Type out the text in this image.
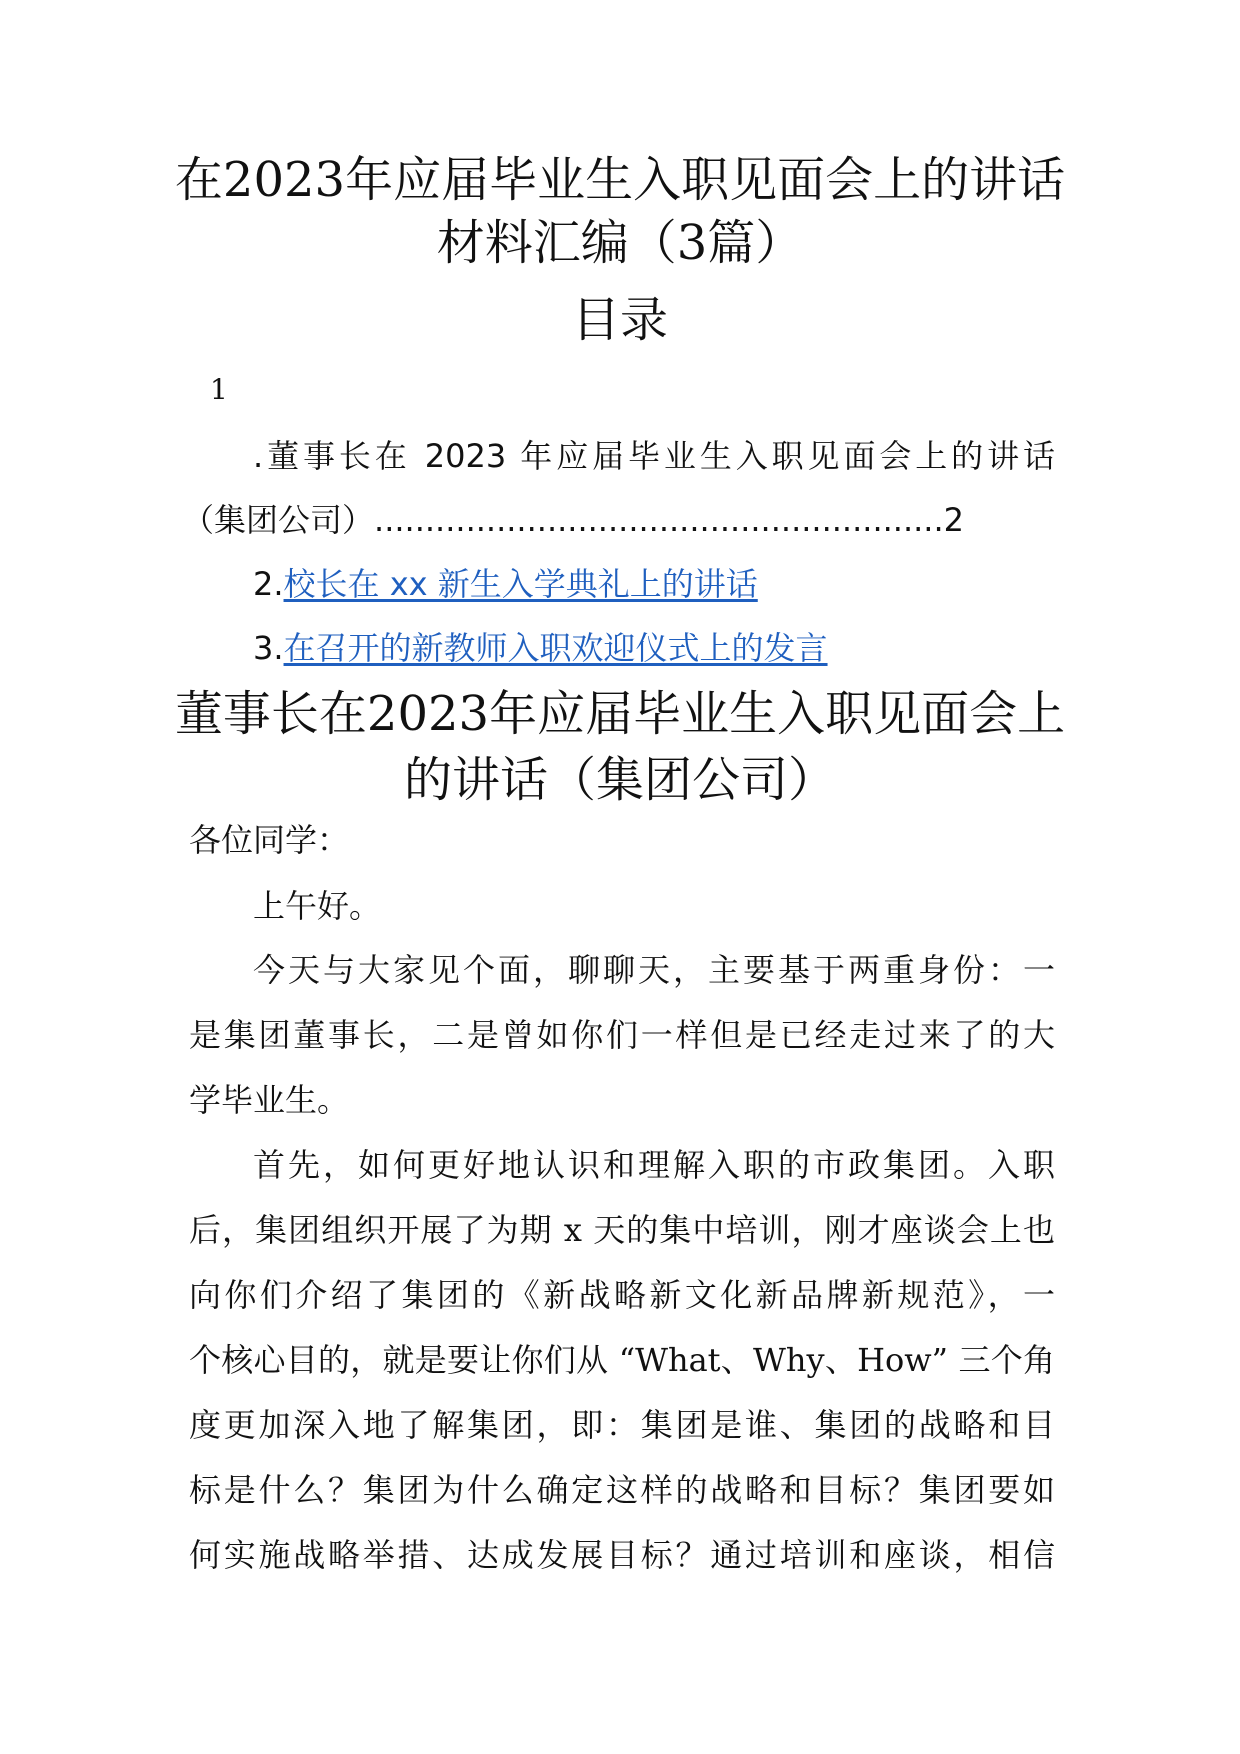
在2023年应届毕业生入职见面会上的讲话
材料汇编（3篇）
目录
1
.董事长在 2023 年应届毕业生入职见面会上的讲话
（集团公司）........................................................2
2.校长在 xx 新生入学典礼上的讲话
3.在召开的新教师入职欢迎仪式上的发言
董事长在2023年应届毕业生入职见面会上
的讲话（集团公司）
各位同学：
上午好。
今天与大家见个面，聊聊天，主要基于两重身份：一
是集团董事长，二是曾如你们一样但是已经走过来了的大
学毕业生。
首先，如何更好地认识和理解入职的市政集团。入职
后，集团组织开展了为期 x 天的集中培训，刚才座谈会上也
向你们介绍了集团的《新战略新文化新品牌新规范》，一
个核心目的，就是要让你们从 “What、Why、How” 三个角
度更加深入地了解集团，即：集团是谁、集团的战略和目
标是什么？集团为什么确定这样的战略和目标？集团要如
何实施战略举措、达成发展目标？通过培训和座谈，相信
